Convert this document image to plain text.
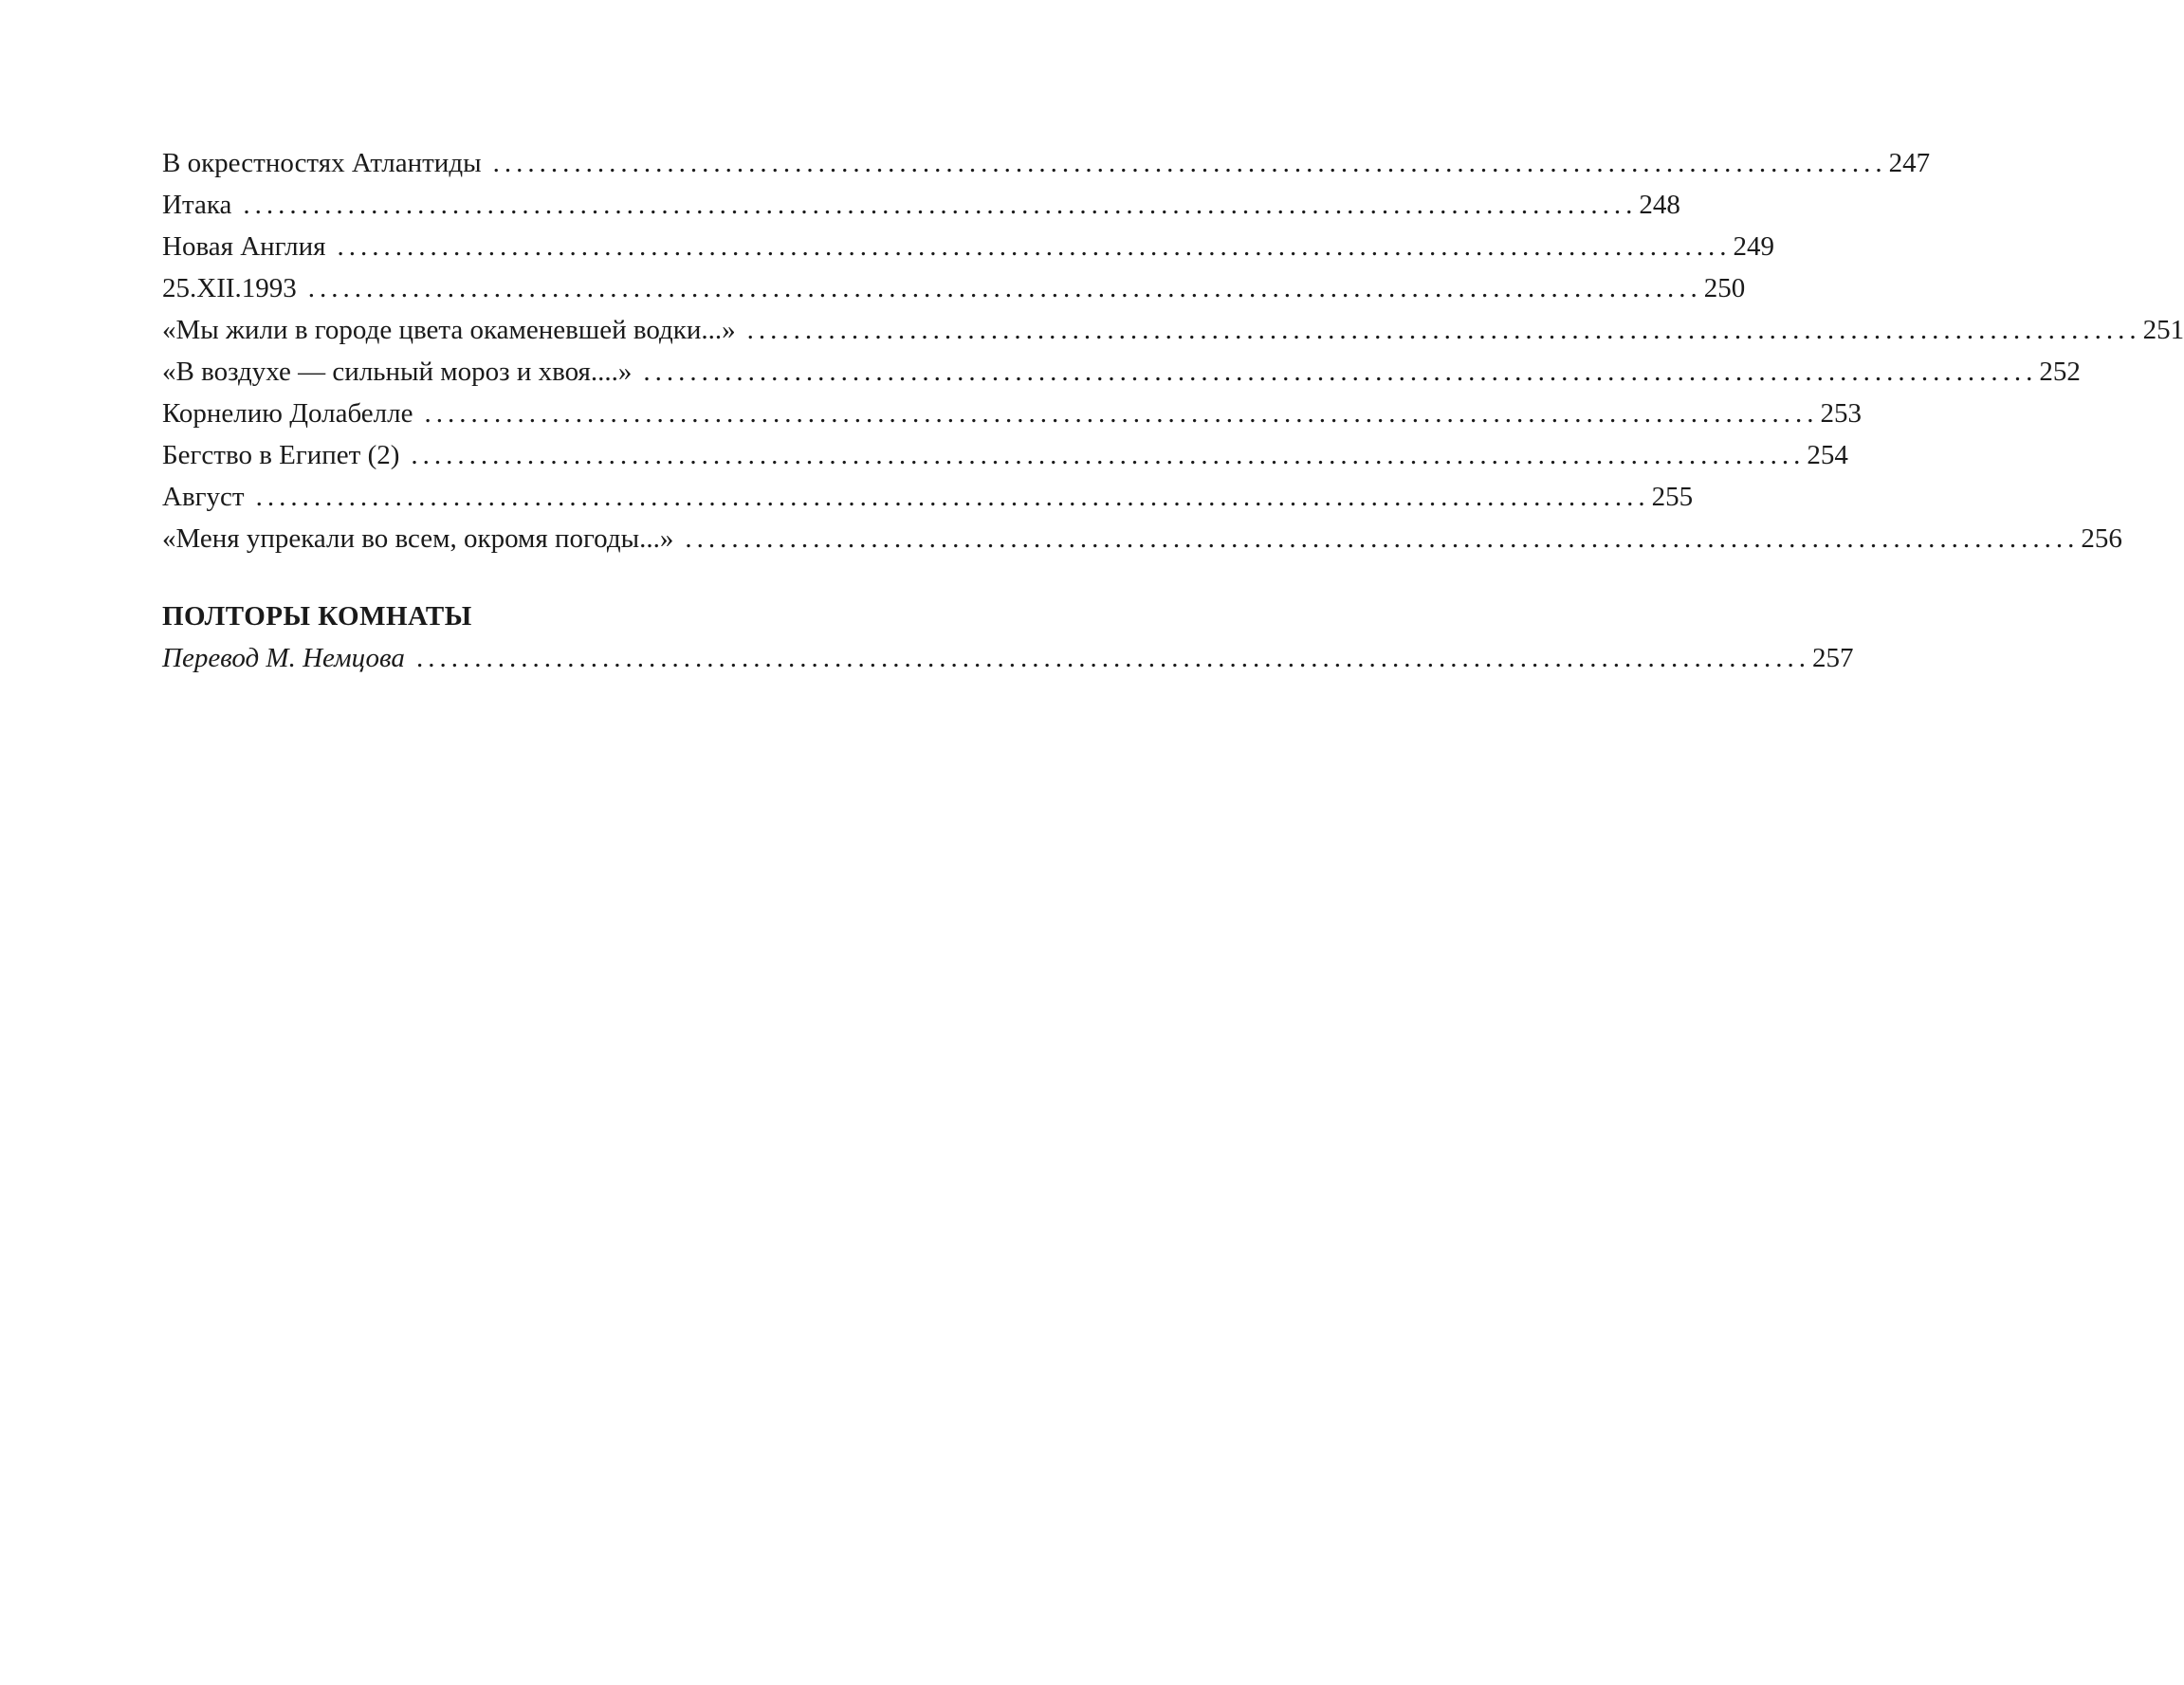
В окрестностях Атлантиды ........................................................................................................................ 247
Итака ........................................................................................................................ 248
Новая Англия ........................................................................................................................ 249
25.XII.1993 ........................................................................................................................ 250
«Мы жили в городе цвета окаменевшей водки...» ........................................................................................................................ 251
«В воздухе — сильный мороз и хвоя....» ........................................................................................................................ 252
Корнелию Долабелле ........................................................................................................................ 253
Бегство в Египет (2) ........................................................................................................................ 254
Август ........................................................................................................................ 255
«Меня упрекали во всем, окромя погоды...» ........................................................................................................................ 256
ПОЛТОРЫ КОМНАТЫ
Перевод М. Немцова ........................................................................................................................ 257
